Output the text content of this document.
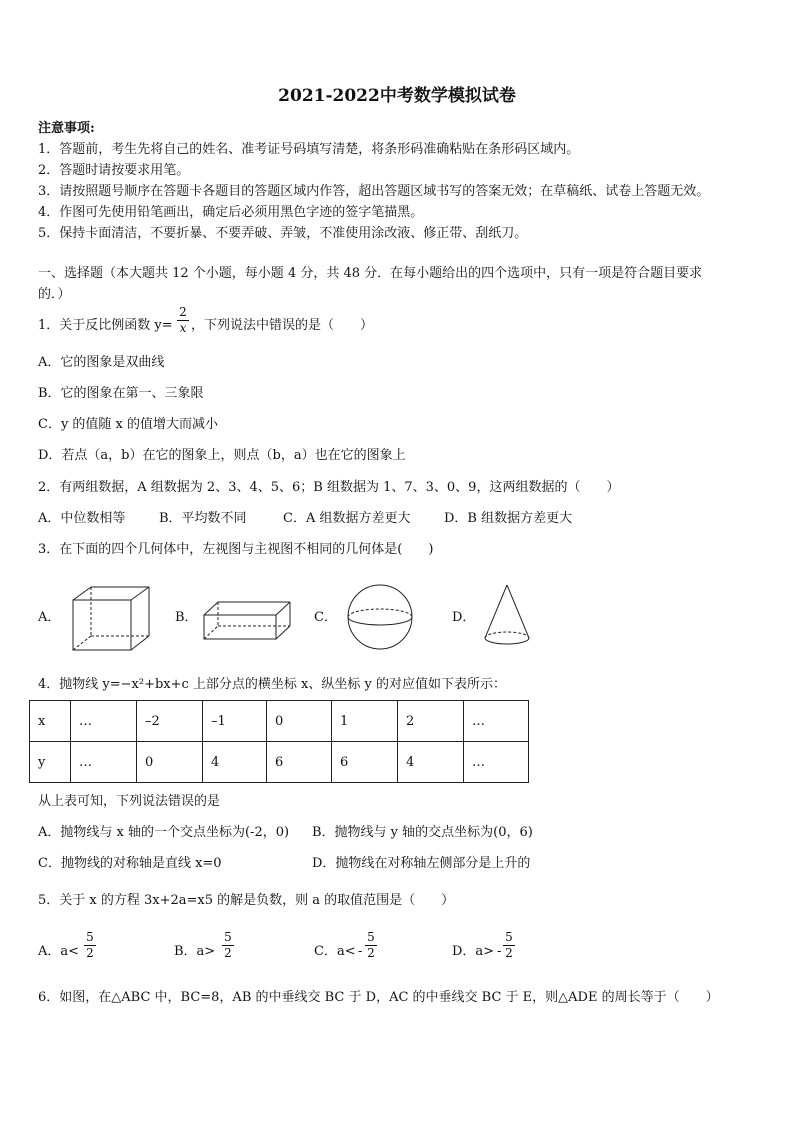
2021-2022中考数学模拟试卷
注意事项:
1．答题前，考生先将自己的姓名、准考证号码填写清楚，将条形码准确粘贴在条形码区域内。
2．答题时请按要求用笔。
3．请按照题号顺序在答题卡各题目的答题区域内作答，超出答题区域书写的答案无效；在草稿纸、试卷上答题无效。
4．作图可先使用铅笔画出，确定后必须用黑色字迹的签字笔描黑。
5．保持卡面清洁，不要折暴、不要弄破、弄皱，不准使用涂改液、修正带、刮纸刀。
一、选择题（本大题共 12 个小题，每小题 4 分，共 48 分．在每小题给出的四个选项中，只有一项是符合题目要求
的．）
1．关于反比例函数 y=
2
x ，下列说法中错误的是（　　）
A．它的图象是双曲线
B．它的图象在第一、三象限
C．y 的值随 x 的值增大而减小
D．若点（a，b）在它的图象上，则点（b，a）也在它的图象上
2．有两组数据，A 组数据为 2、3、4、5、6；B 组数据为 1、7、3、0、9，这两组数据的（　　）
A．中位数相等	B．平均数不同	C．A 组数据方差更大	D．B 组数据方差更大
3．在下面的四个几何体中，左视图与主视图不相同的几何体是(　　)
A．	B．	C．	D．
4．抛物线 y=−x²+bx+c 上部分点的横坐标 x、纵坐标 y 的对应值如下表所示：
x	…	–2	–1	0	1	2	…
y	…	0	4	6	6	4	…
从上表可知，下列说法错误的是
A．抛物线与 x 轴的一个交点坐标为(-2，0) B．抛物线与 y 轴的交点坐标为(0，6)
C．抛物线的对称轴是直线 x=0	D．抛物线在对称轴左侧部分是上升的
5．关于 x 的方程 3x+2a=x5 的解是负数，则 a 的取值范围是（　　）
A．a<
5
2	B．a>
5
2	C．a< -
5
2	D．a> -
5
2
6．如图，在△ABC 中，BC=8，AB 的中垂线交 BC 于 D，AC 的中垂线交 BC 于 E，则△ADE 的周长等于（　　）
